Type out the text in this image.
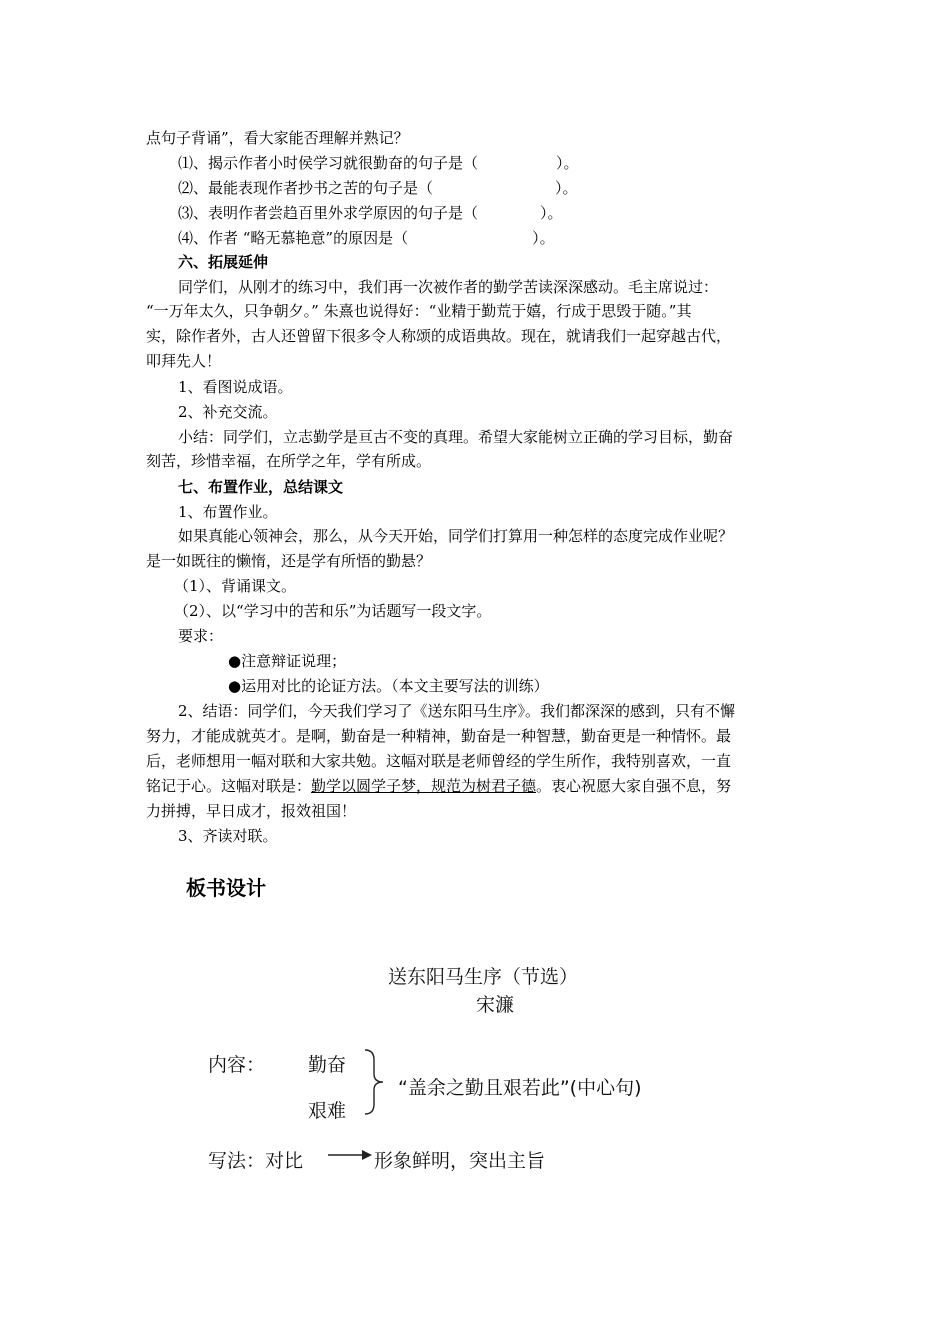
点句子背诵”，看大家能否理解并熟记？
⑴、揭示作者小时侯学习就很勤奋的句子是（	）。
⑵、最能表现作者抄书之苦的句子是（	）。
⑶、表明作者尝趋百里外求学原因的句子是（	）。
⑷、作者 “略无慕艳意”的原因是（	）。
六、拓展延伸
同学们，从刚才的练习中，我们再一次被作者的勤学苦读深深感动。毛主席说过：
“一万年太久，只争朝夕。” 朱熹也说得好：“业精于勤荒于嬉，行成于思毁于随。”其
实，除作者外，古人还曾留下很多令人称颂的成语典故。现在，就请我们一起穿越古代，
叩拜先人！
1、看图说成语。
2、补充交流。
小结：同学们，立志勤学是亘古不变的真理。希望大家能树立正确的学习目标，勤奋
刻苦，珍惜幸福，在所学之年，学有所成。
七、布置作业，总结课文
1、布置作业。
如果真能心领神会，那么，从今天开始，同学们打算用一种怎样的态度完成作业呢？
是一如既往的懒惰，还是学有所悟的勤悬？
（1）、背诵课文。
（2）、以“学习中的苦和乐”为话题写一段文字。
要求：
●注意辩证说理；
●运用对比的论证方法。（本文主要写法的训练）
2、结语：同学们，今天我们学习了《送东阳马生序》。我们都深深的感到，只有不懈
努力，才能成就英才。是啊，勤奋是一种精神，勤奋是一种智慧，勤奋更是一种情怀。最
后，老师想用一幅对联和大家共勉。这幅对联是老师曾经的学生所作，我特别喜欢，一直
铭记于心。这幅对联是：勤学以圆学子梦，规范为树君子德。衷心祝愿大家自强不息，努
力拼搏，早日成才，报效祖国！
3、齐读对联。
板书设计
送东阳马生序（节选）
宋濂
内容： 勤奋
艰难
“盖余之勤且艰若此”(中心句)
写法：对比	形象鲜明，突出主旨
